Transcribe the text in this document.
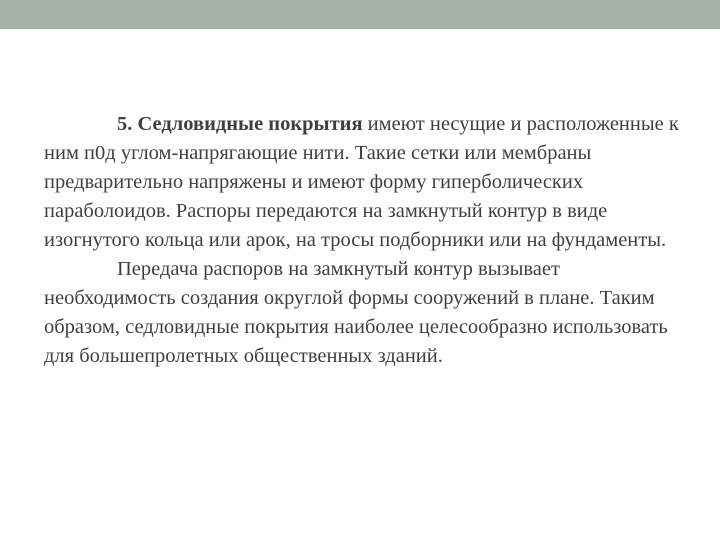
5. Седловидные покрытия имеют несущие и расположенные к ним п0д углом-напрягающие нити. Такие сетки или мембраны предварительно напряжены и имеют форму гиперболических параболоидов. Распоры передаются на замкнутый контур в виде изогнутого кольца или арок, на тросы подборники или на фундаменты.

Передача распоров на замкнутый контур вызывает необходимость создания округлой формы сооружений в плане. Таким образом, седловидные покрытия наиболее целесообразно использовать для большепролетных общественных зданий.
